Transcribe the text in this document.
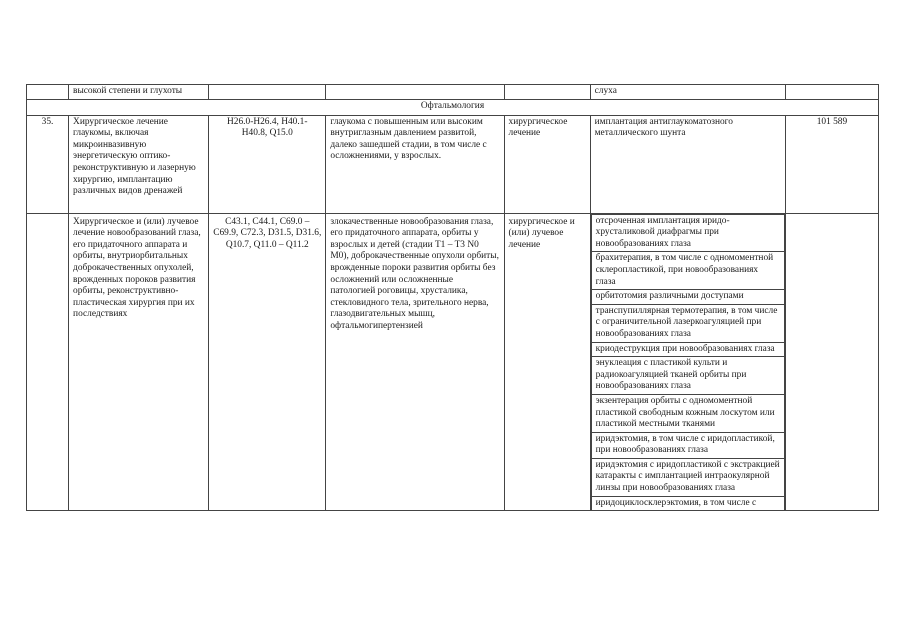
	высокой степени и глухоты				слуха	
Офтальмология
35.	Хирургическое лечение глаукомы, включая микроинвазивную энергетическую оптико-реконструктивную и лазерную хирургию, имплантацию различных видов дренажей	H26.0-H26.4, H40.1- H40.8, Q15.0	глаукома с повышенным или высоким внутриглазным давлением развитой, далеко зашедшей стадии, в том числе с осложнениями, у взрослых.	хирургическое лечение	имплантация антиглаукоматозного металлического шунта	101 589
	Хирургическое и (или) лучевое лечение новообразований глаза, его придаточного аппарата и орбиты, внутриорбитальных доброкачественных опухолей, врожденных пороков развития орбиты, реконструктивно-пластическая хирургия при их последствиях	C43.1, C44.1, C69.0 – C69.9, C72.3, D31.5, D31.6, Q10.7, Q11.0 – Q11.2	злокачественные новообразования глаза, его придаточного аппарата, орбиты у взрослых и детей (стадии T1 – T3 N0 M0), доброкачественные опухоли орбиты, врожденные пороки развития орбиты без осложнений или осложненные патологией роговицы, хрусталика, стекловидного тела, зрительного нерва, глазодвигательных мышц, офтальмогипертензией	хирургическое и (или) лучевое лечение	
отсроченная имплантация иридо-хрусталиковой диафрагмы при новообразованиях глаза
брахитерапия, в том числе с одномоментной склеропластикой, при новообразованиях глаза
орбитотомия различными доступами
транспупиллярная термотерапия, в том числе с ограничительной лазеркоагуляцией при новообразованиях глаза
криодеструкция при новообразованиях глаза
энуклеация с пластикой культи и радиокоагуляцией тканей орбиты при новообразованиях глаза
экзентерация орбиты с одномоментной пластикой свободным кожным лоскутом или пластикой местными тканями
иридэктомия, в том числе с иридопластикой, при новообразованиях глаза
иридэктомия с иридопластикой с экстракцией катаракты с имплантацией интраокулярной линзы при новообразованиях глаза
иридоциклосклерэктомия, в том числе с
